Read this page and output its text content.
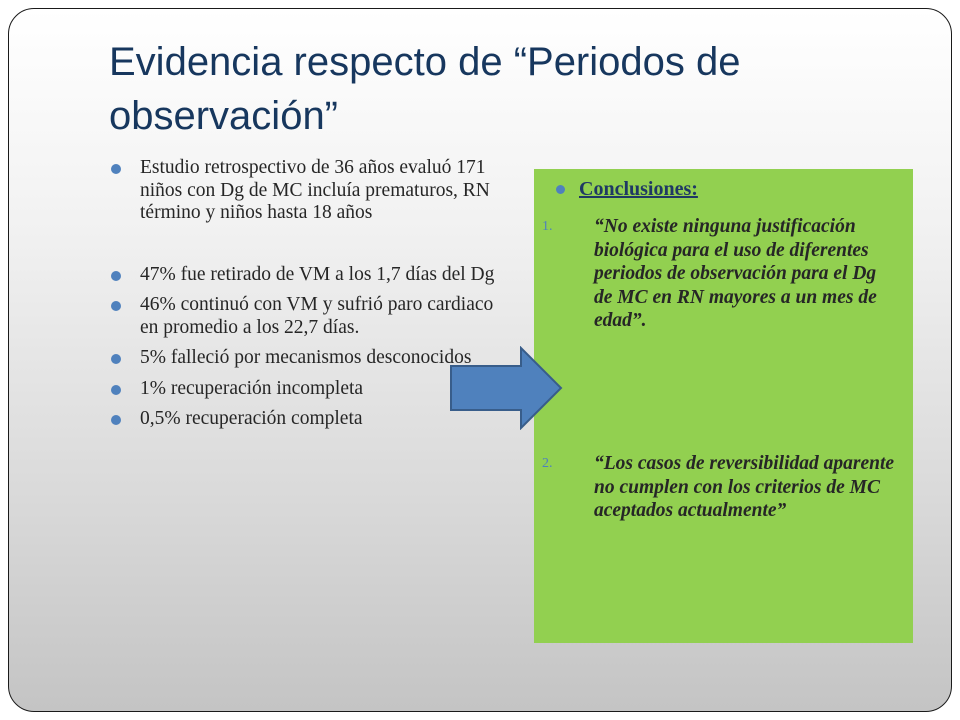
Evidencia respecto de “Periodos de observación”
Estudio retrospectivo de 36 años evaluó 171 niños con Dg de MC incluía prematuros, RN término y niños hasta 18 años
47% fue retirado de VM a los 1,7 días del Dg
46% continuó con VM y sufrió paro cardiaco en promedio a los 22,7 días.
5% falleció por mecanismos desconocidos
1% recuperación incompleta
0,5% recuperación completa

Conclusiones:

1. “No existe ninguna justificación biológica para el uso de diferentes periodos de observación para el Dg de MC en RN mayores a un mes de edad”.
2. “Los casos de reversibilidad aparente no cumplen con los criterios de MC aceptados actualmente”
